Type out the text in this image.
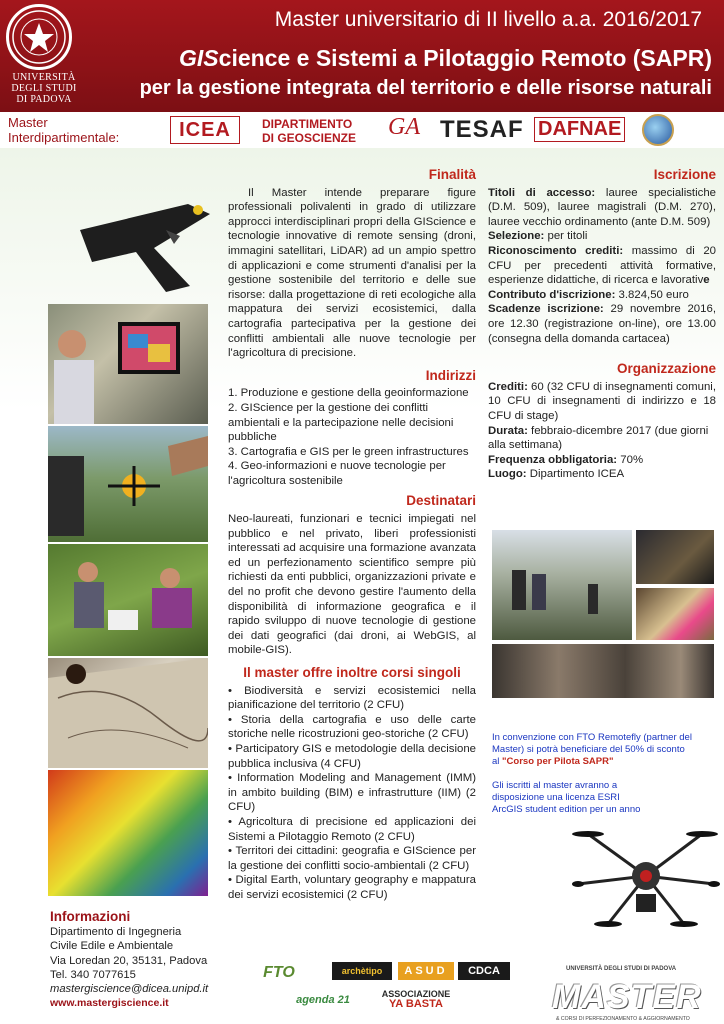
UNIVERSITÀ
DEGLI STUDI
DI PADOVA
Master universitario di II livello a.a. 2016/2017
GIScience e Sistemi a Pilotaggio Remoto (SAPR)
per la gestione integrata del territorio e delle risorse naturali
Master
Interdipartimentale:	ICEA	DIPARTIMENTO
DI GEOSCIENZE GA TESAF DAFNAE
Finalità
Il Master intende preparare figure professionali polivalenti in grado di utilizzare approcci interdisciplinari propri della GIScience e tecnologie innovative di remote sensing (droni, immagini satellitari, LiDAR) ad un ampio spettro di applicazioni e come strumenti d'analisi per la gestione sostenibile del territorio e delle sue risorse: dalla progettazione di reti ecologiche alla mappatura dei servizi ecosistemici, dalla cartografia partecipativa per la gestione dei conflitti ambientali alle nuove tecnologie per l'agricoltura di precisione.
Indirizzi
1. Produzione e gestione della geoinformazione
2. GIScience per la gestione dei conflitti ambientali e la partecipazione nelle decisioni pubbliche
3. Cartografia e GIS per le green infrastructures
4. Geo-informazioni e nuove tecnologie per l'agricoltura sostenibile
Destinatari
Neo-laureati, funzionari e tecnici impiegati nel pubblico e nel privato, liberi professionisti interessati ad acquisire una formazione avanzata ed un perfezionamento scientifico sempre più richiesti da enti pubblici, organizzazioni private e del no profit che devono gestire l'aumento della disponibilità di informazione geografica e il rapido sviluppo di nuove tecnologie di gestione dei dati geografici (dai droni, ai WebGIS, al mobile-GIS).
Il master offre inoltre corsi singoli
• Biodiversità e servizi ecosistemici nella pianificazione del territorio (2 CFU)
• Storia della cartografia e uso delle carte storiche nelle ricostruzioni geo-storiche (2 CFU)
• Participatory GIS e metodologie della decisione pubblica inclusiva (4 CFU)
• Information Modeling and Management (IMM) in ambito building (BIM) e infrastrutture (IIM) (2 CFU)
• Agricoltura di precisione ed applicazioni dei Sistemi a Pilotaggio Remoto (2 CFU)
• Territori dei cittadini: geografia e GIScience per la gestione dei conflitti socio-ambientali (2 CFU)
• Digital Earth, voluntary geography e mappatura dei servizi ecosistemici (2 CFU)
Iscrizione
Titoli di accesso: lauree specialistiche (D.M. 509), lauree magistrali (D.M. 270), lauree vecchio ordinamento (ante D.M. 509)
Selezione: per titoli
Riconoscimento crediti: massimo di 20 CFU per precedenti attività formative, esperienze didattiche, di ricerca e lavorative
Contributo d'iscrizione: 3.824,50 euro
Scadenze iscrizione: 29 novembre 2016, ore 12.30 (registrazione on-line), ore 13.00 (consegna della domanda cartacea)
Organizzazione
Crediti: 60 (32 CFU di insegnamenti comuni, 10 CFU di insegnamenti di indirizzo e 18 CFU di stage)
Durata: febbraio-dicembre 2017 (due giorni alla settimana)
Frequenza obbligatoria: 70%
Luogo: Dipartimento ICEA
In convenzione con FTO Remotefly (partner del Master) si potrà beneficiare del 50% di sconto al "Corso per Pilota SAPR"
Gli iscritti al master avranno a disposizione una licenza ESRI ArcGIS student edition per un anno
Informazioni
Dipartimento di Ingegneria
Civile Edile e Ambientale
Via Loredan 20, 35131, Padova
Tel. 340 7077615
mastergiscience@dicea.unipd.it
www.mastergiscience.it
FTO	archètipo	ASUD	CDCA
agenda 21	ASSOCIAZIONE
YA BASTA
UNIVERSITÀ DEGLI STUDI DI PADOVA
MASTER
& CORSI DI PERFEZIONAMENTO & AGGIORNAMENTO
